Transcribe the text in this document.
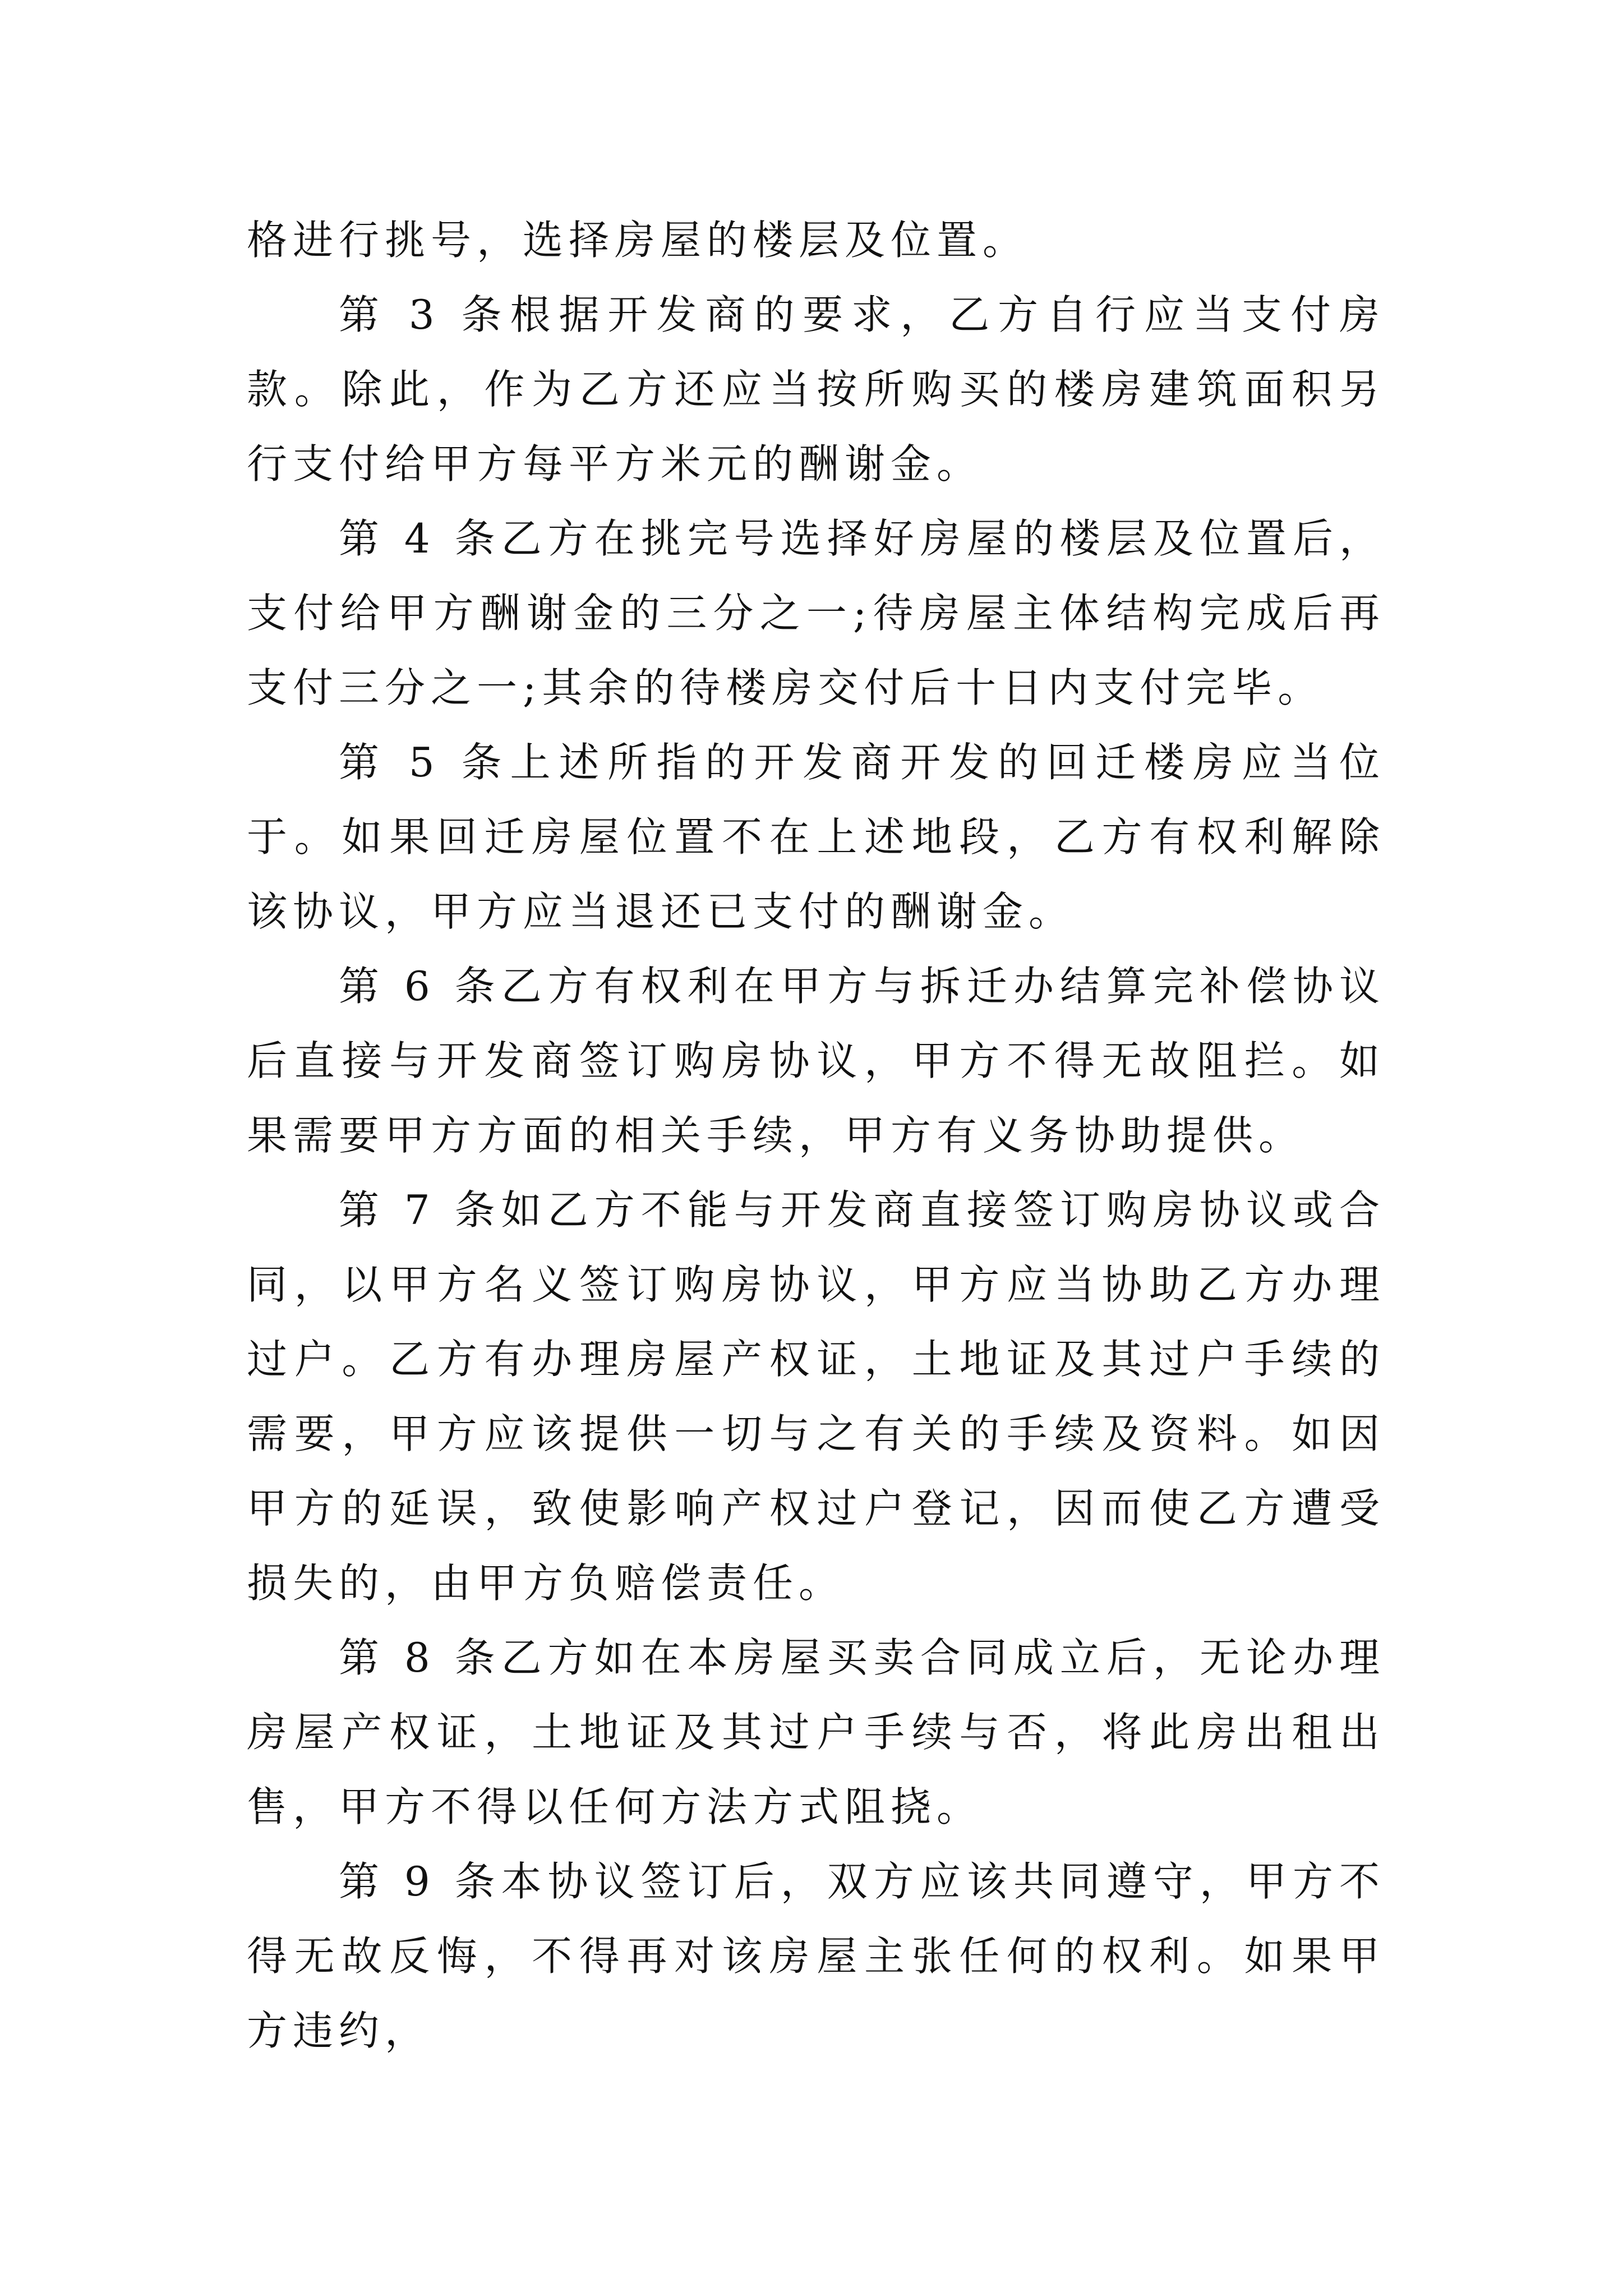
格进行挑号，选择房屋的楼层及位置。

第 3 条根据开发商的要求，乙方自行应当支付房款。除此，作为乙方还应当按所购买的楼房建筑面积另行支付给甲方每平方米元的酬谢金。

第 4 条乙方在挑完号选择好房屋的楼层及位置后，支付给甲方酬谢金的三分之一;待房屋主体结构完成后再支付三分之一;其余的待楼房交付后十日内支付完毕。

第 5 条上述所指的开发商开发的回迁楼房应当位于。如果回迁房屋位置不在上述地段，乙方有权利解除该协议，甲方应当退还已支付的酬谢金。

第 6 条乙方有权利在甲方与拆迁办结算完补偿协议后直接与开发商签订购房协议，甲方不得无故阻拦。如果需要甲方方面的相关手续，甲方有义务协助提供。

第 7 条如乙方不能与开发商直接签订购房协议或合同，以甲方名义签订购房协议，甲方应当协助乙方办理过户。乙方有办理房屋产权证，土地证及其过户手续的需要，甲方应该提供一切与之有关的手续及资料。如因甲方的延误，致使影响产权过户登记，因而使乙方遭受损失的，由甲方负赔偿责任。

第 8 条乙方如在本房屋买卖合同成立后，无论办理房屋产权证，土地证及其过户手续与否，将此房出租出售，甲方不得以任何方法方式阻挠。

第 9 条本协议签订后，双方应该共同遵守，甲方不得无故反悔，不得再对该房屋主张任何的权利。如果甲方违约，
